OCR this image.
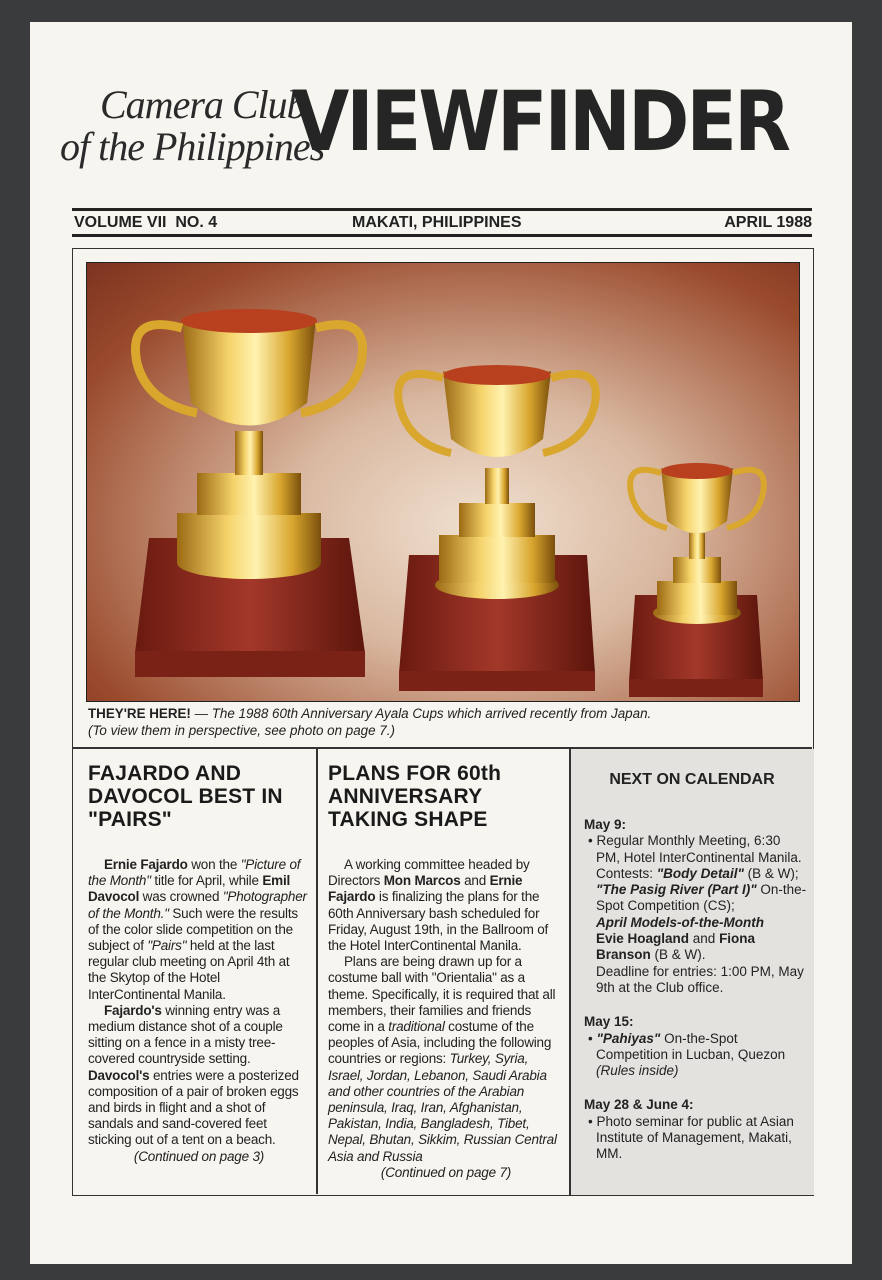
Camera Club
of the Philippines
VIEWFINDER
VOLUME VII NO. 4	MAKATI, PHILIPPINES	APRIL 1988
THEY'RE HERE! — The 1988 60th Anniversary Ayala Cups which arrived recently from Japan.
(To view them in perspective, see photo on page 7.)
FAJARDO AND DAVOCOL BEST IN "PAIRS"

Ernie Fajardo won the "Picture of the Month" title for April, while Emil Davocol was crowned "Photographer of the Month." Such were the results of the color slide competition on the subject of "Pairs" held at the last regular club meeting on April 4th at the Skytop of the Hotel InterContinental Manila.

Fajardo's winning entry was a medium distance shot of a couple sitting on a fence in a misty tree-covered countryside setting. Davocol's entries were a posterized composition of a pair of broken eggs and birds in flight and a shot of sandals and sand-covered feet sticking out of a tent on a beach.

(Continued on page 3)
PLANS FOR 60th ANNIVERSARY TAKING SHAPE

A working committee headed by Directors Mon Marcos and Ernie Fajardo is finalizing the plans for the 60th Anniversary bash scheduled for Friday, August 19th, in the Ballroom of the Hotel InterContinental Manila.

Plans are being drawn up for a costume ball with "Orientalia" as a theme. Specifically, it is required that all members, their families and friends come in a traditional costume of the peoples of Asia, including the following countries or regions: Turkey, Syria, Israel, Jordan, Lebanon, Saudi Arabia and other countries of the Arabian peninsula, Iraq, Iran, Afghanistan, Pakistan, India, Bangladesh, Tibet, Nepal, Bhutan, Sikkim, Russian Central Asia and Russia

(Continued on page 7)
NEXT ON CALENDAR
May 9:
• Regular Monthly Meeting, 6:30 PM, Hotel InterContinental Manila. Contests: "Body Detail" (B & W);
"The Pasig River (Part I)" On-the-Spot Competition (CS);
April Models-of-the-Month
Evie Hoagland and Fiona Branson (B & W).
Deadline for entries: 1:00 PM, May 9th at the Club office.
May 15:
• "Pahiyas" On-the-Spot Competition in Lucban, Quezon
(Rules inside)
May 28 & June 4:
• Photo seminar for public at Asian Institute of Management, Makati, MM.
